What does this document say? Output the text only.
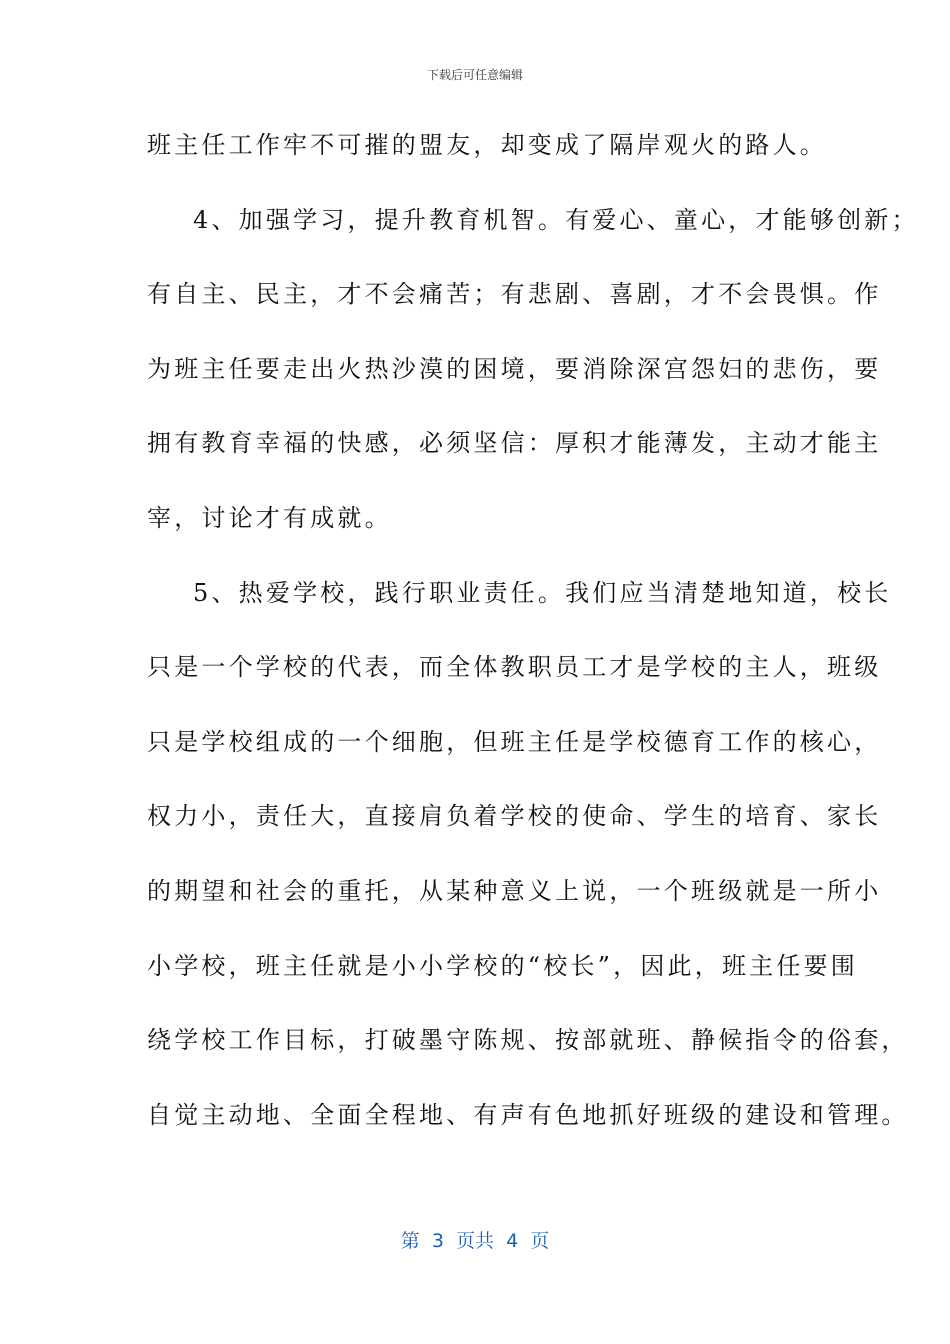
下载后可任意编辑
班主任工作牢不可摧的盟友，却变成了隔岸观火的路人。
4、加强学习，提升教育机智。有爱心、童心，才能够创新；
有自主、民主，才不会痛苦；有悲剧、喜剧，才不会畏惧。作
为班主任要走出火热沙漠的困境，要消除深宫怨妇的悲伤，要
拥有教育幸福的快感，必须坚信：厚积才能薄发，主动才能主
宰，讨论才有成就。
5、热爱学校，践行职业责任。我们应当清楚地知道，校长
只是一个学校的代表，而全体教职员工才是学校的主人，班级
只是学校组成的一个细胞，但班主任是学校德育工作的核心，
权力小，责任大，直接肩负着学校的使命、学生的培育、家长
的期望和社会的重托，从某种意义上说，一个班级就是一所小
小学校，班主任就是小小学校的“校长”，因此，班主任要围
绕学校工作目标，打破墨守陈规、按部就班、静候指令的俗套，
自觉主动地、全面全程地、有声有色地抓好班级的建设和管理。
第  3  页共  4  页
